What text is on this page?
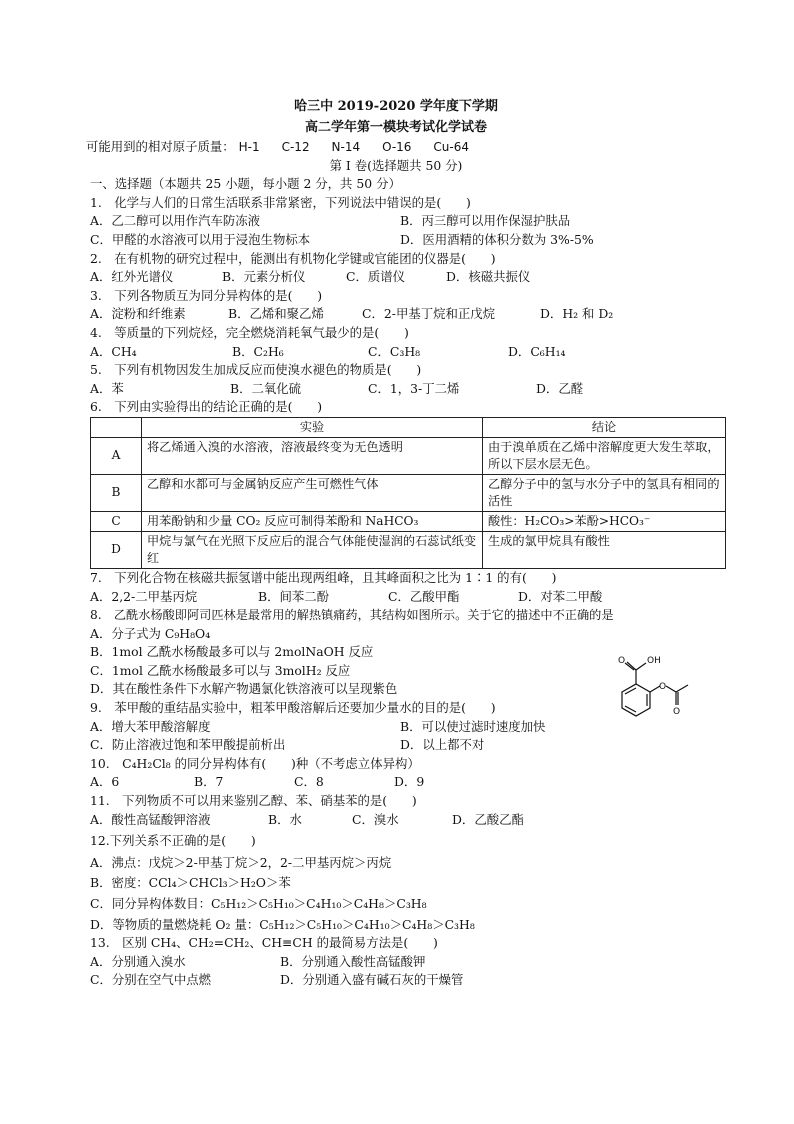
哈三中 2019-2020 学年度下学期
高二学年第一模块考试化学试卷
可能用到的相对原子质量： H-1 C-12 N-14 O-16 Cu-64
第 I 卷(选择题共 50 分)
一、选择题（本题共 25 小题，每小题 2 分，共 50 分）
1.　化学与人们的日常生活联系非常紧密，下列说法中错误的是(　　)
A．乙二醇可以用作汽车防冻液	B．丙三醇可以用作保湿护肤品
C．甲醛的水溶液可以用于浸泡生物标本	D．医用酒精的体积分数为 3%-5%
2.　在有机物的研究过程中，能测出有机物化学键或官能团的仪器是(　　)
A．红外光谱仪	B．元素分析仪	C．质谱仪	D．核磁共振仪
3.　下列各物质互为同分异构体的是(　　)
A．淀粉和纤维素	B．乙烯和聚乙烯	C．2-甲基丁烷和正戊烷	D．H₂ 和 D₂
4.　等质量的下列烷烃，完全燃烧消耗氧气最少的是(　　)
A．CH₄	B．C₂H₆	C．C₃H₈	D．C₆H₁₄
5.　下列有机物因发生加成反应而使溴水褪色的物质是(　　)
A．苯	B．二氧化硫	C．1，3-丁二烯	D．乙醛
6.　下列由实验得出的结论正确的是(　　)
	实验	结论
A	将乙烯通入溴的水溶液，溶液最终变为无色透明	由于溴单质在乙烯中溶解度更大发生萃取，所以下层水层无色。
B	乙醇和水都可与金属钠反应产生可燃性气体	乙醇分子中的氢与水分子中的氢具有相同的活性
C	用苯酚钠和少量 CO₂ 反应可制得苯酚和 NaHCO₃	酸性：H₂CO₃>苯酚>HCO₃⁻
D	甲烷与氯气在光照下反应后的混合气体能使湿润的石蕊试纸变红	生成的氯甲烷具有酸性
7.　下列化合物在核磁共振氢谱中能出现两组峰，且其峰面积之比为 1∶1 的有(　　)
A．2,2-二甲基丙烷	B．间苯二酚	C．乙酸甲酯	D．对苯二甲酸
8.　乙酰水杨酸即阿司匹林是最常用的解热镇痛药，其结构如图所示。关于它的描述中不正确的是
A．分子式为 C₉H₈O₄
B．1mol 乙酰水杨酸最多可以与 2molNaOH 反应
C．1mol 乙酰水杨酸最多可以与 3molH₂ 反应
D．其在酸性条件下水解产物遇氯化铁溶液可以呈现紫色
9.　苯甲酸的重结晶实验中，粗苯甲酸溶解后还要加少量水的目的是(　　)
A．增大苯甲酸溶解度	B．可以使过滤时速度加快
C．防止溶液过饱和苯甲酸提前析出	D．以上都不对
10.　C₄H₂Cl₈ 的同分异构体有(　　)种（不考虑立体异构）
A．6	B．7	C．8	D．9
11.　下列物质不可以用来鉴别乙醇、苯、硝基苯的是(　　)
A．酸性高锰酸钾溶液	B．水	C．溴水	D．乙酸乙酯
12.下列关系不正确的是(　　)
A．沸点：戊烷＞2-甲基丁烷＞2，2-二甲基丙烷＞丙烷
B．密度：CCl₄＞CHCl₃＞H₂O＞苯
C．同分异构体数目：C₅H₁₂＞C₅H₁₀＞C₄H₁₀＞C₄H₈＞C₃H₈
D．等物质的量燃烧耗 O₂ 量：C₅H₁₂＞C₅H₁₀＞C₄H₁₀＞C₄H₈＞C₃H₈
13.　区别 CH₄、CH₂=CH₂、CH≡CH 的最简易方法是(　　)
A．分别通入溴水	B．分别通入酸性高锰酸钾
C．分别在空气中点燃	D．分别通入盛有碱石灰的干燥管
O OH
O
O
